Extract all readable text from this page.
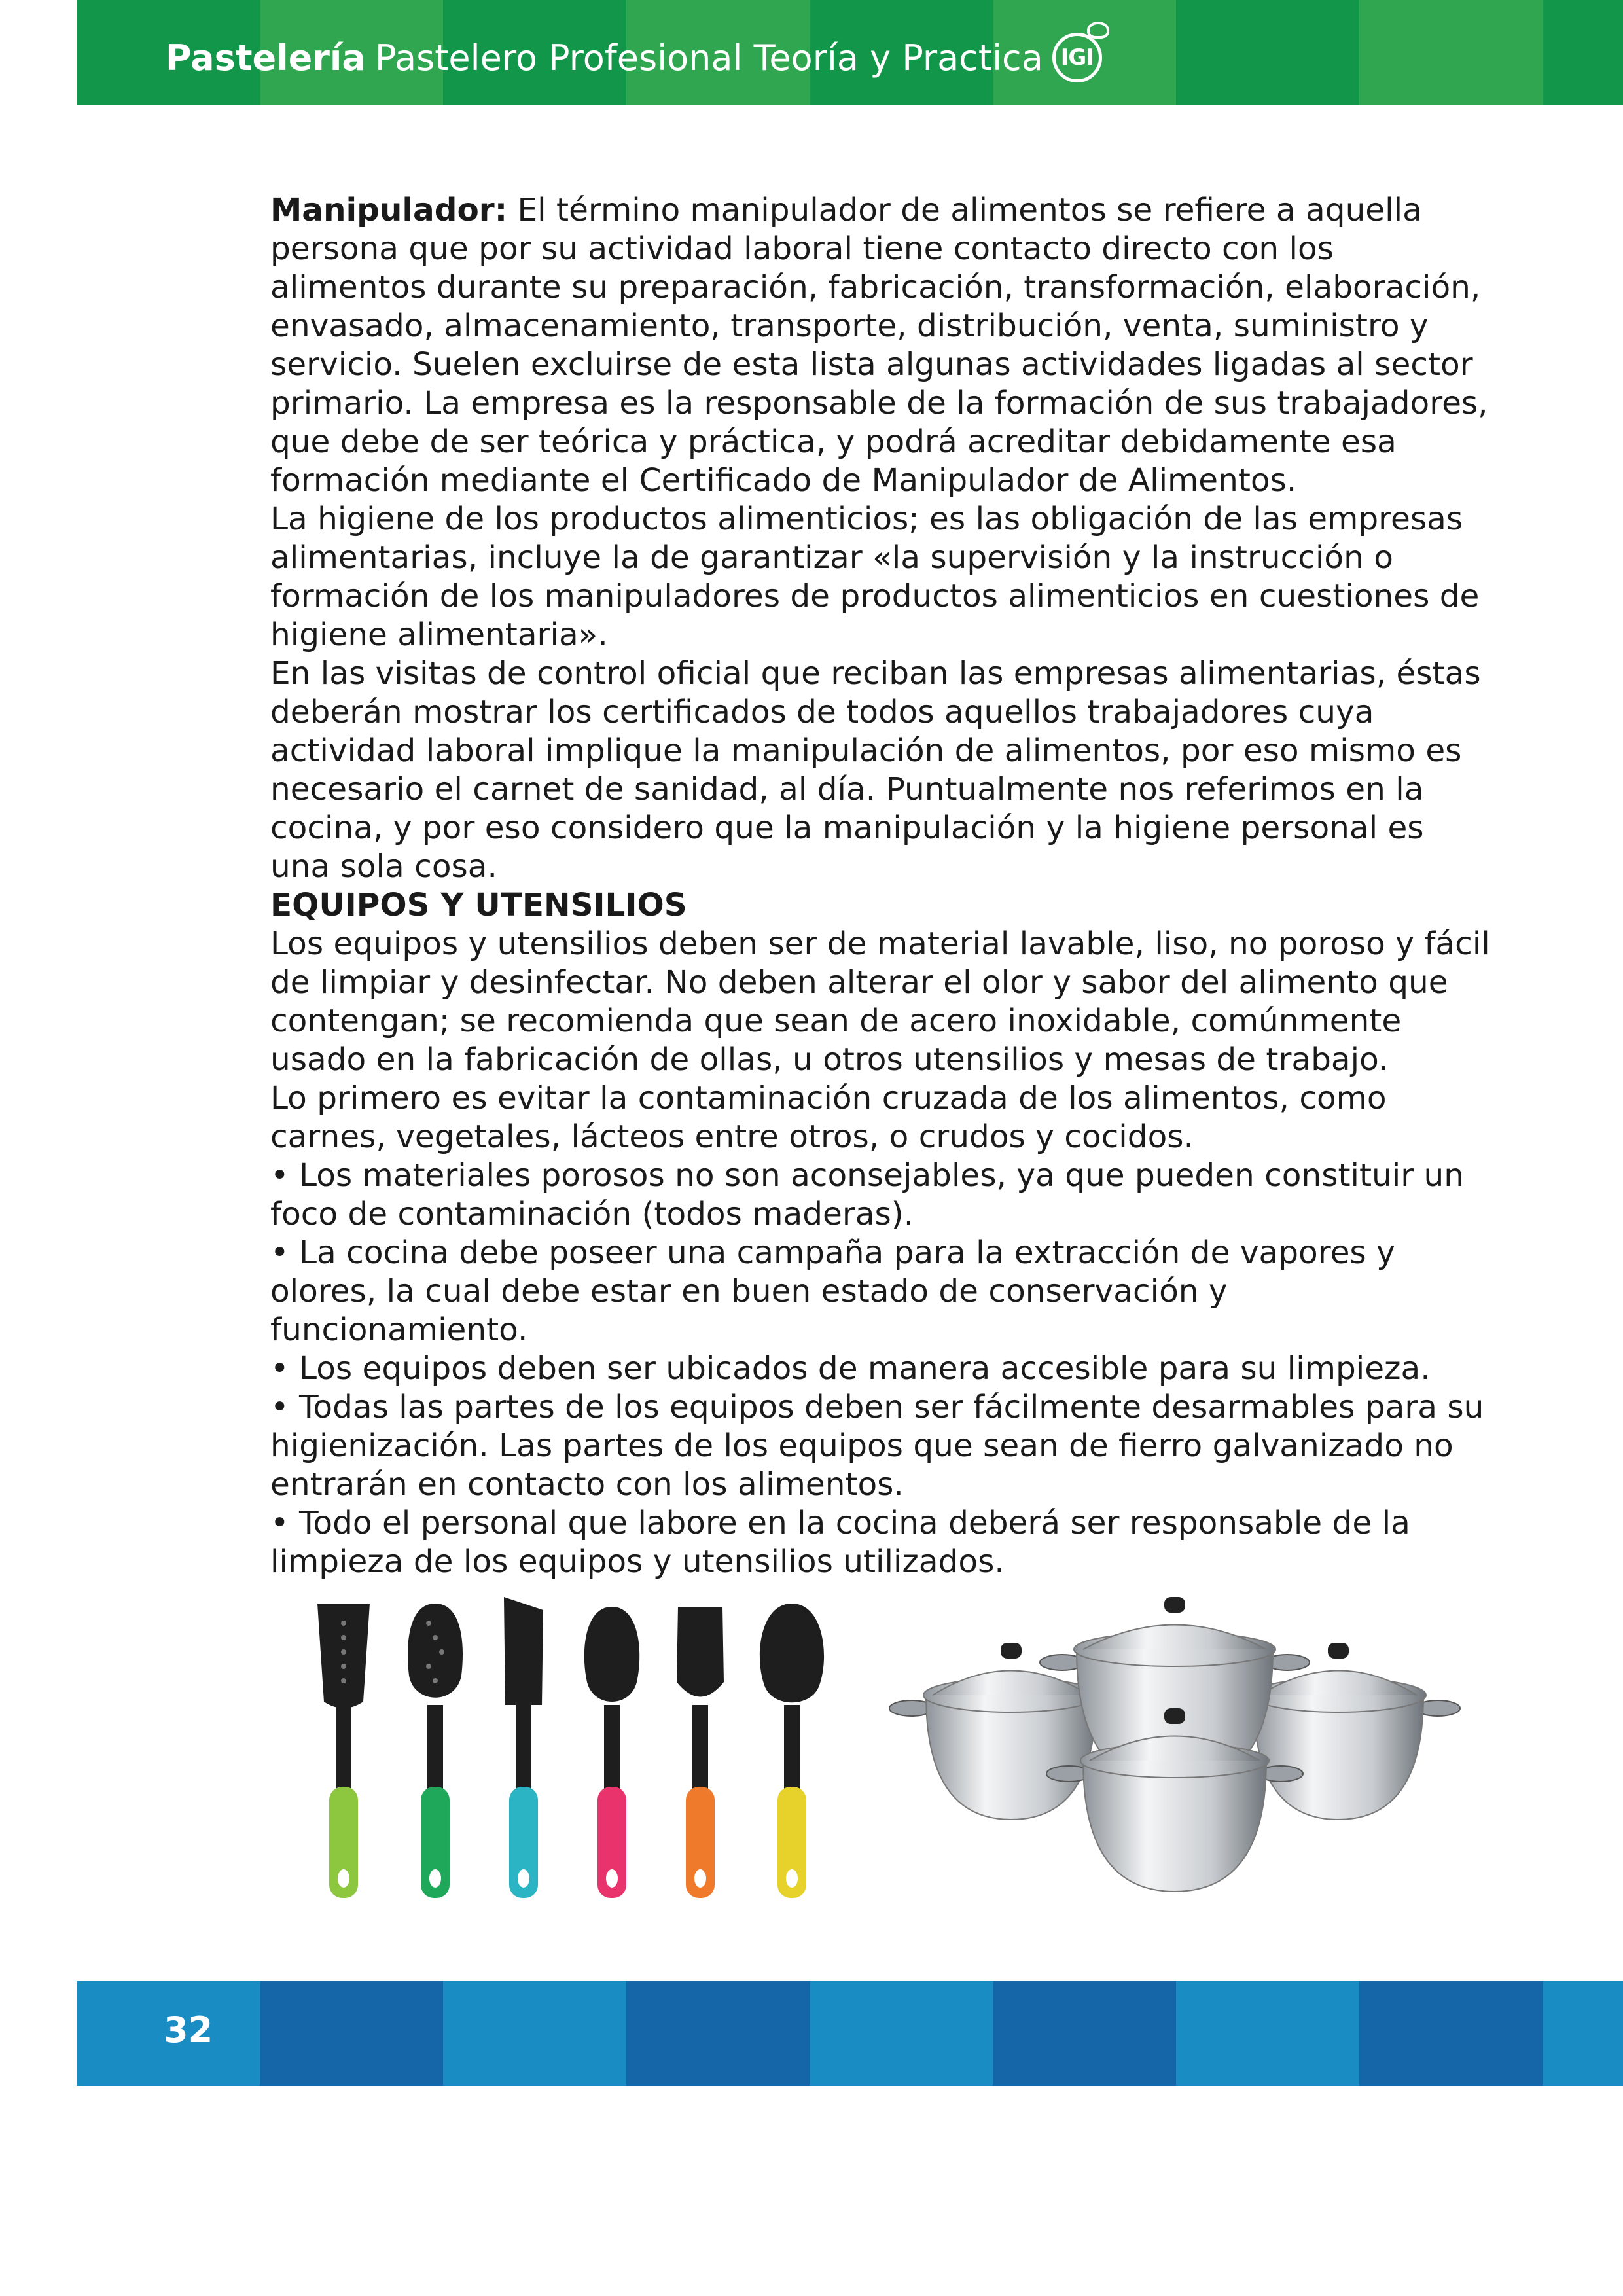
Pastelería Pastelero Profesional Teoría y Practica IGI
Manipulador: El término manipulador de alimentos se refiere a aquella
persona que por su actividad laboral tiene contacto directo con los
alimentos durante su preparación, fabricación, transformación, elaboración,
envasado, almacenamiento, transporte, distribución, venta, suministro y
servicio. Suelen excluirse de esta lista algunas actividades ligadas al sector
primario. La empresa es la responsable de la formación de sus trabajadores,
que debe de ser teórica y práctica, y podrá acreditar debidamente esa
formación mediante el Certificado de Manipulador de Alimentos.
La higiene de los productos alimenticios; es las obligación de las empresas
alimentarias, incluye la de garantizar «la supervisión y la instrucción o
formación de los manipuladores de productos alimenticios en cuestiones de
higiene alimentaria».
En las visitas de control oficial que reciban las empresas alimentarias, éstas
deberán mostrar los certificados de todos aquellos trabajadores cuya
actividad laboral implique la manipulación de alimentos, por eso mismo es
necesario el carnet de sanidad, al día. Puntualmente nos referimos en la
cocina, y por eso considero que la manipulación y la higiene personal es
una sola cosa.
EQUIPOS Y UTENSILIOS
Los equipos y utensilios deben ser de material lavable, liso, no poroso y fácil
de limpiar y desinfectar. No deben alterar el olor y sabor del alimento que
contengan; se recomienda que sean de acero inoxidable, comúnmente
usado en la fabricación de ollas, u otros utensilios y mesas de trabajo.
Lo primero es evitar la contaminación cruzada de los alimentos, como
carnes, vegetales, lácteos entre otros, o crudos y cocidos.
• Los materiales porosos no son aconsejables, ya que pueden constituir un
foco de contaminación (todos maderas).
• La cocina debe poseer una campaña para la extracción de vapores y
olores, la cual debe estar en buen estado de conservación y
funcionamiento.
• Los equipos deben ser ubicados de manera accesible para su limpieza.
• Todas las partes de los equipos deben ser fácilmente desarmables para su
higienización. Las partes de los equipos que sean de fierro galvanizado no
entrarán en contacto con los alimentos.
• Todo el personal que labore en la cocina deberá ser responsable de la
limpieza de los equipos y utensilios utilizados.
32
